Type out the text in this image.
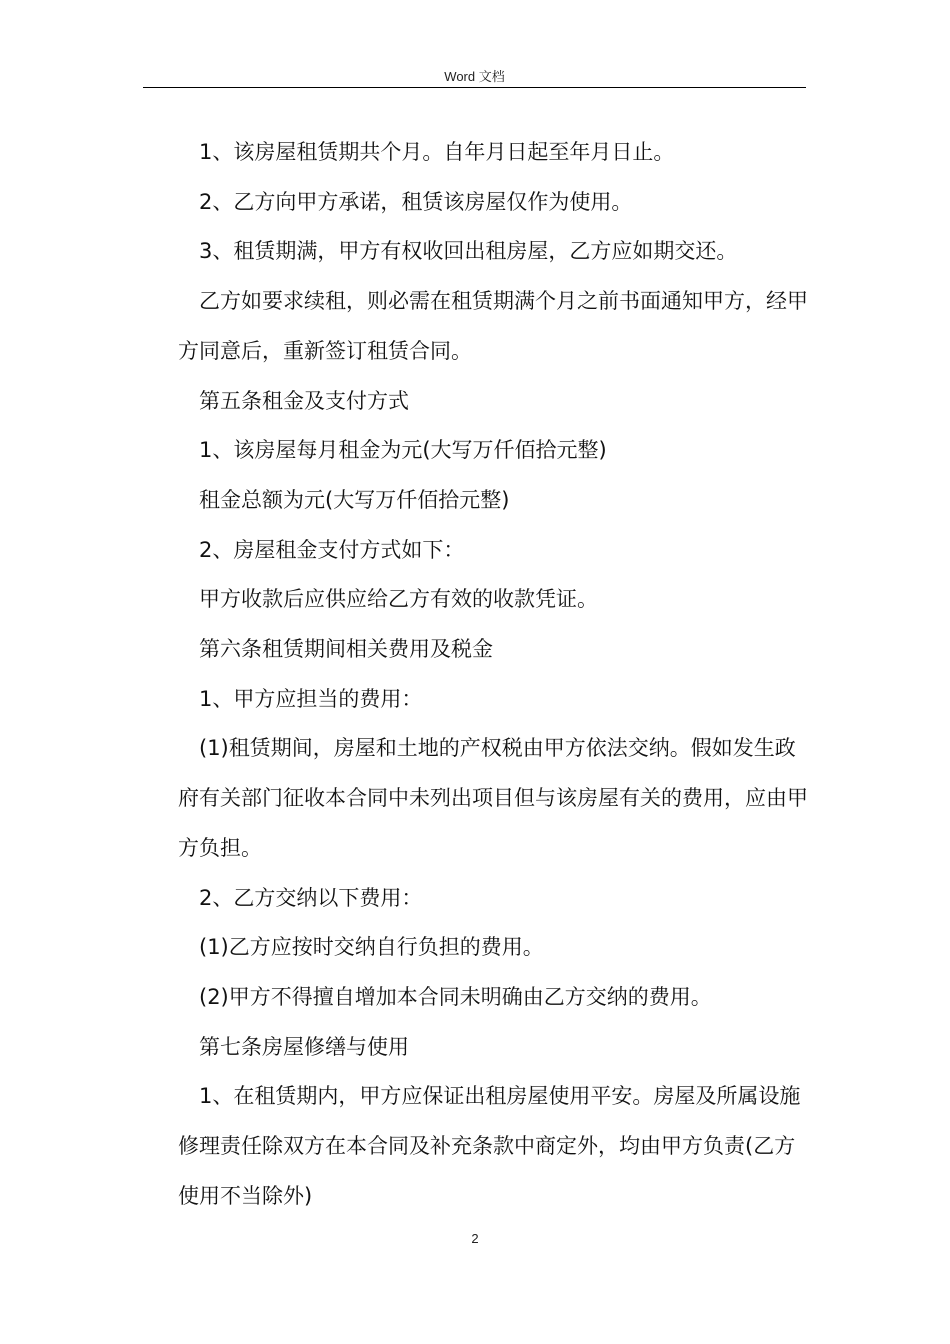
Word 文档

1、该房屋租赁期共个月。自年月日起至年月日止。

2、乙方向甲方承诺，租赁该房屋仅作为使用。

3、租赁期满，甲方有权收回出租房屋，乙方应如期交还。

乙方如要求续租，则必需在租赁期满个月之前书面通知甲方，经甲方同意后，重新签订租赁合同。

第五条租金及支付方式

1、该房屋每月租金为元(大写万仟佰拾元整)

租金总额为元(大写万仟佰拾元整)

2、房屋租金支付方式如下：

甲方收款后应供应给乙方有效的收款凭证。

第六条租赁期间相关费用及税金

1、甲方应担当的费用：

(1)租赁期间，房屋和土地的产权税由甲方依法交纳。假如发生政府有关部门征收本合同中未列出项目但与该房屋有关的费用，应由甲方负担。

2、乙方交纳以下费用：

(1)乙方应按时交纳自行负担的费用。

(2)甲方不得擅自增加本合同未明确由乙方交纳的费用。

第七条房屋修缮与使用

1、在租赁期内，甲方应保证出租房屋使用平安。房屋及所属设施修理责任除双方在本合同及补充条款中商定外，均由甲方负责(乙方使用不当除外)

2
